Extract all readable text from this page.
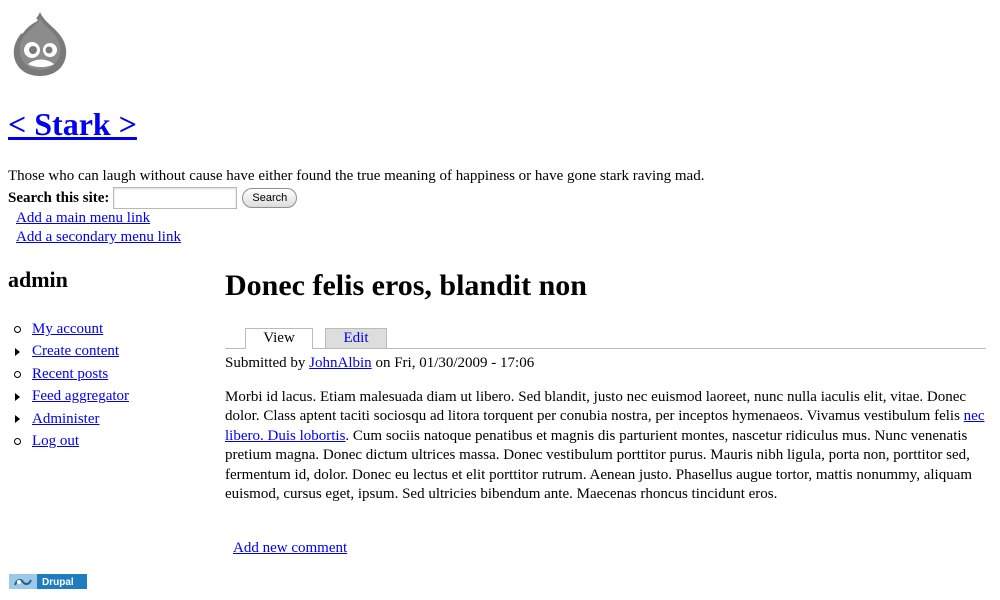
< Stark >
Those who can laugh without cause have either found the true meaning of happiness or have gone stark raving mad.
Search this site:	Search
Add a main menu link
Add a secondary menu link
admin
My account
Create content
Recent posts
Feed aggregator
Administer
Log out
Donec felis eros, blandit non
View	Edit
Submitted by JohnAlbin on Fri, 01/30/2009 - 17:06

Morbi id lacus. Etiam malesuada diam ut libero. Sed blandit, justo nec euismod laoreet, nunc nulla iaculis elit, vitae. Donec dolor. Class aptent taciti sociosqu ad litora torquent per conubia nostra, per inceptos hymenaeos. Vivamus vestibulum felis nec libero. Duis lobortis. Cum sociis natoque penatibus et magnis dis parturient montes, nascetur ridiculus mus. Nunc venenatis pretium magna. Donec dictum ultrices massa. Donec vestibulum porttitor purus. Mauris nibh ligula, porta non, porttitor sed, fermentum id, dolor. Donec eu lectus et elit porttitor rutrum. Aenean justo. Phasellus augue tortor, mattis nonummy, aliquam euismod, cursus eget, ipsum. Sed ultricies bibendum ante. Maecenas rhoncus tincidunt eros.

Add new comment
Drupal
